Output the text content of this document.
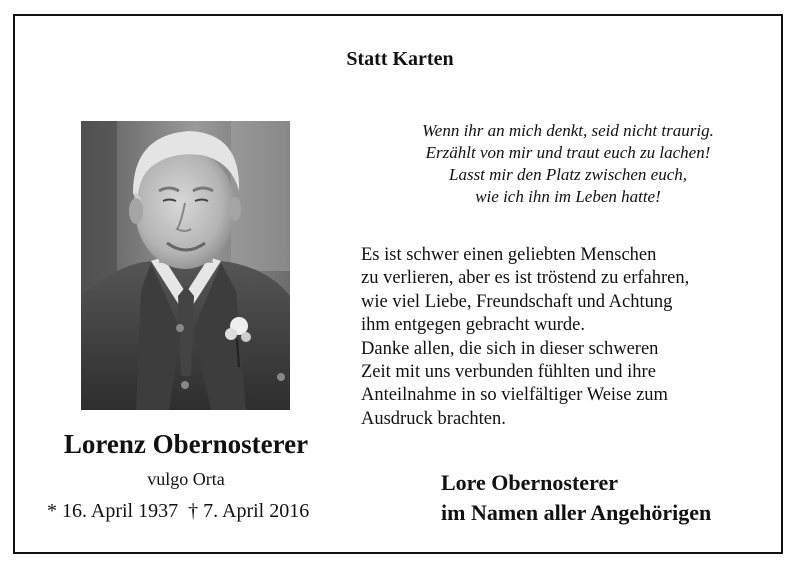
Statt Karten
Lorenz Obernosterer
vulgo Orta
* 16. April 1937 † 7. April 2016
Wenn ihr an mich denkt, seid nicht traurig.
Erzählt von mir und traut euch zu lachen!
Lasst mir den Platz zwischen euch,
wie ich ihn im Leben hatte!
Es ist schwer einen geliebten Menschen
zu verlieren, aber es ist tröstend zu erfahren,
wie viel Liebe, Freundschaft und Achtung
ihm entgegen gebracht wurde.
Danke allen, die sich in dieser schweren
Zeit mit uns verbunden fühlten und ihre
Anteilnahme in so vielfältiger Weise zum
Ausdruck brachten.
Lore Obernosterer
im Namen aller Angehörigen
